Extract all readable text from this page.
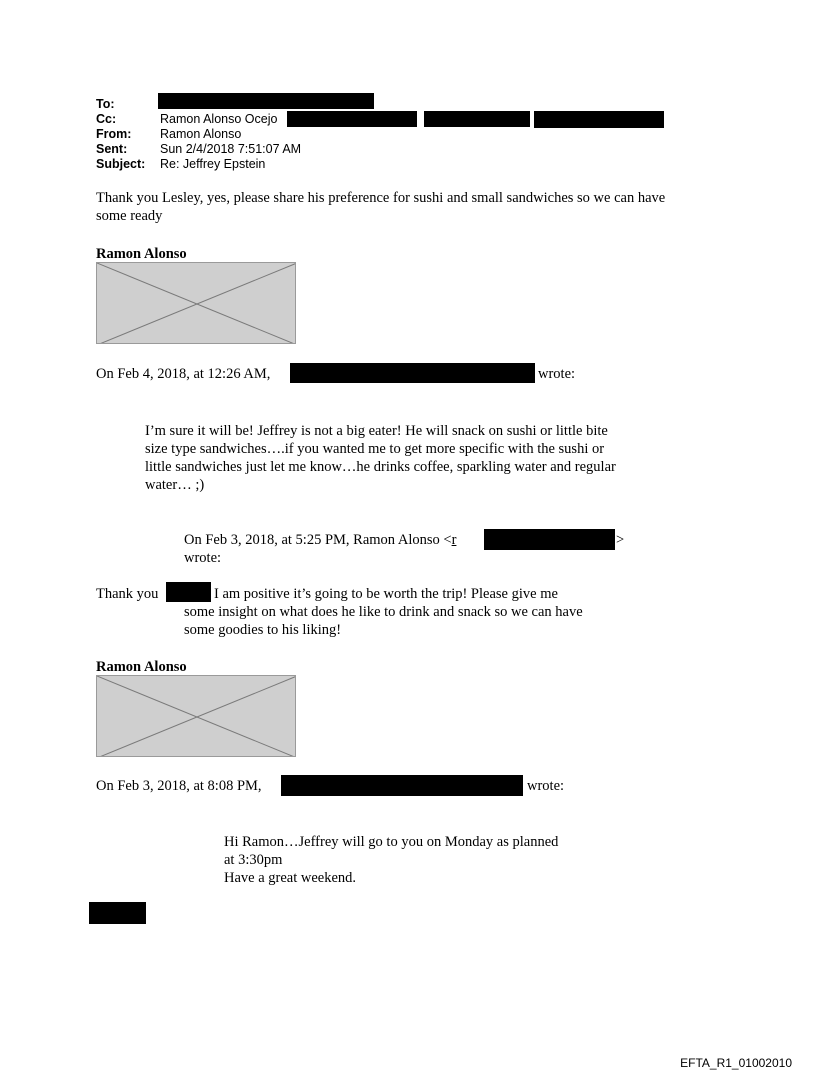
To:
Cc:	Ramon Alonso Ocejo
From: Ramon Alonso
Sent:	Sun 2/4/2018 7:51:07 AM
Subject: Re: Jeffrey Epstein
Thank you Lesley, yes, please share his preference for sushi and small sandwiches so we can have
some ready
Ramon Alonso
On Feb 4, 2018, at 12:26 AM,	wrote:
I’m sure it will be! Jeffrey is not a big eater! He will snack on sushi or little bite
size type sandwiches….if you wanted me to get more specific with the sushi or
little sandwiches just let me know…he drinks coffee, sparkling water and regular
water… ;)
On Feb 3, 2018, at 5:25 PM, Ramon Alonso <r	>
wrote:
Thank you	I am positive it’s going to be worth the trip! Please give me
some insight on what does he like to drink and snack so we can have
some goodies to his liking!
Ramon Alonso
On Feb 3, 2018, at 8:08 PM,	wrote:
Hi Ramon…Jeffrey will go to you on Monday as planned
at 3:30pm
Have a great weekend.
EFTA_R1_01002010
